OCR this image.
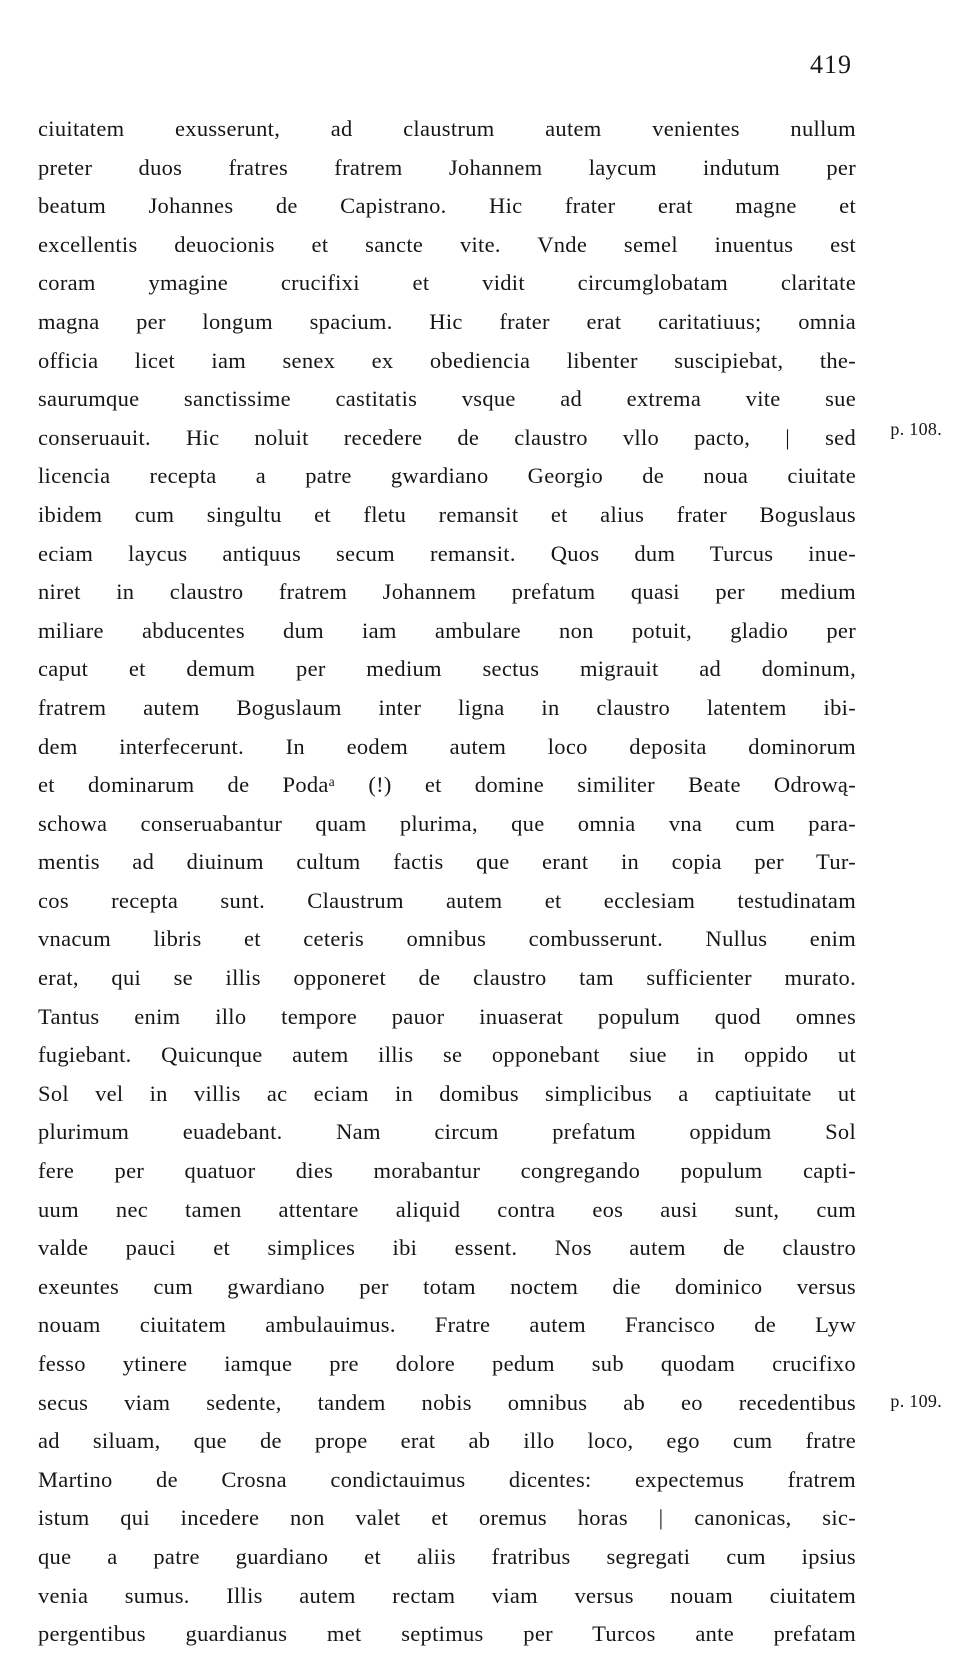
419
ciuitatem exusserunt, ad claustrum autem venientes nullum
preter duos fratres fratrem Johannem laycum indutum per
beatum Johannes de Capistrano. Hic frater erat magne et
excellentis deuocionis et sancte vite. Vnde semel inuentus est
coram ymagine crucifixi et vidit circumglobatam claritate
magna per longum spacium. Hic frater erat caritatiuus; omnia
officia licet iam senex ex obediencia libenter suscipiebat, the-
saurumque sanctissime castitatis vsque ad extrema vite sue
conseruauit. Hic noluit recedere de claustro vllo pacto, | sed
licencia recepta a patre gwardiano Georgio de noua ciuitate
ibidem cum singultu et fletu remansit et alius frater Boguslaus
eciam laycus antiquus secum remansit. Quos dum Turcus inue-
niret in claustro fratrem Johannem prefatum quasi per medium
miliare abducentes dum iam ambulare non potuit, gladio per
caput et demum per medium sectus migrauit ad dominum,
fratrem autem Boguslaum inter ligna in claustro latentem ibi-
dem interfecerunt. In eodem autem loco deposita dominorum
et dominarum de Podaᵃ (!) et domine similiter Beate Odrową-
schowa conseruabantur quam plurima, que omnia vna cum para-
mentis ad diuinum cultum factis que erant in copia per Tur-
cos recepta sunt. Claustrum autem et ecclesiam testudinatam
vnacum libris et ceteris omnibus combusserunt. Nullus enim
erat, qui se illis opponeret de claustro tam sufficienter murato.
Tantus enim illo tempore pauor inuaserat populum quod omnes
fugiebant. Quicunque autem illis se opponebant siue in oppido ut
Sol vel in villis ac eciam in domibus simplicibus a captiuitate ut
plurimum euadebant. Nam circum prefatum oppidum Sol
fere per quatuor dies morabantur congregando populum capti-
uum nec tamen attentare aliquid contra eos ausi sunt, cum
valde pauci et simplices ibi essent. Nos autem de claustro
exeuntes cum gwardiano per totam noctem die dominico versus
nouam ciuitatem ambulauimus. Fratre autem Francisco de Lyw
fesso ytinere iamque pre dolore pedum sub quodam crucifixo
secus viam sedente, tandem nobis omnibus ab eo recedentibus
ad siluam, que de prope erat ab illo loco, ego cum fratre
Martino de Crosna condictauimus dicentes: expectemus fratrem
istum qui incedere non valet et oremus horas | canonicas, sic-
que a patre guardiano et aliis fratribus segregati cum ipsius
venia sumus. Illis autem rectam viam versus nouam ciuitatem
pergentibus guardianus met septimus per Turcos ante prefatam
p. 108.
p. 109.
